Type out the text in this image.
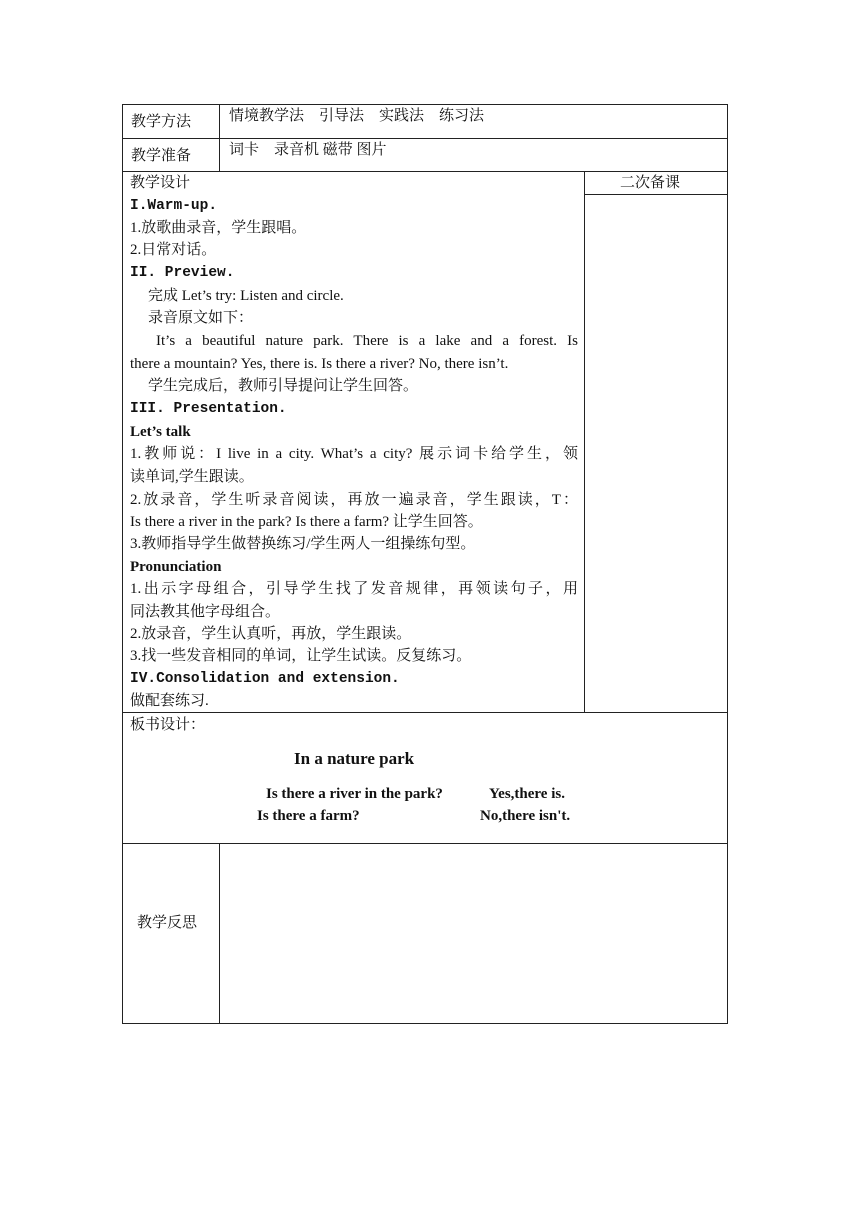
教学方法	情境教学法　引导法　实践法　练习法
教学准备	词卡　录音机 磁带 图片
教学设计	二次备课
I.Warm-up.
1.放歌曲录音，学生跟唱。
2.日常对话。
II. Preview.
完成 Let’s try: Listen and circle.
录音原文如下：
It’s a beautiful nature park. There is a lake and a forest. Is
there a mountain? Yes, there is. Is there a river? No, there isn’t.
学生完成后，教师引导提问让学生回答。
III. Presentation.
Let’s talk
1.教师说：I live in a city. What’s a city? 展示词卡给学生，领
读单词,学生跟读。
2.放录音，学生听录音阅读，再放一遍录音，学生跟读，T：
Is there a river in the park? Is there a farm? 让学生回答。
3.教师指导学生做替换练习/学生两人一组操练句型。
Pronunciation
1.出示字母组合，引导学生找了发音规律，再领读句子，用
同法教其他字母组合。
2.放录音，学生认真听，再放，学生跟读。
3.找一些发音相同的单词，让学生试读。反复练习。
IV.Consolidation and extension.
做配套练习.
板书设计：
In a nature park
Is there a river in the park?	Yes,there is.
Is there a farm?	No,there isn't.
教学反思
